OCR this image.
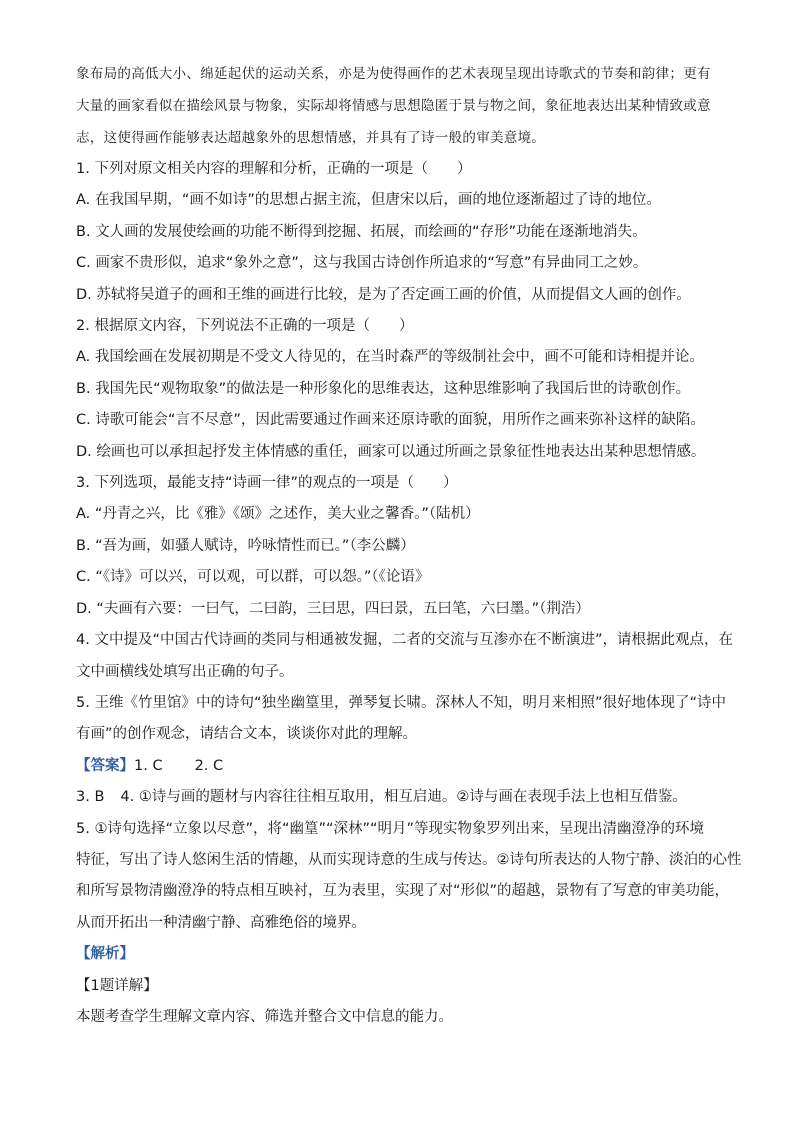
象布局的高低大小、绵延起伏的运动关系，亦是为使得画作的艺术表现呈现出诗歌式的节奏和韵律；更有

大量的画家看似在描绘风景与物象，实际却将情感与思想隐匿于景与物之间，象征地表达出某种情致或意

志，这使得画作能够表达超越象外的思想情感，并具有了诗一般的审美意境。

1. 下列对原文相关内容的理解和分析，正确的一项是（　　）

A. 在我国早期，“画不如诗”的思想占据主流，但唐宋以后，画的地位逐渐超过了诗的地位。

B. 文人画的发展使绘画的功能不断得到挖掘、拓展，而绘画的“存形”功能在逐渐地消失。

C. 画家不贵形似，追求“象外之意”，这与我国古诗创作所追求的“写意”有异曲同工之妙。

D. 苏轼将吴道子的画和王维的画进行比较，是为了否定画工画的价值，从而提倡文人画的创作。

2. 根据原文内容，下列说法不正确的一项是（　　）

A. 我国绘画在发展初期是不受文人待见的，在当时森严的等级制社会中，画不可能和诗相提并论。

B. 我国先民“观物取象”的做法是一种形象化的思维表达，这种思维影响了我国后世的诗歌创作。

C. 诗歌可能会“言不尽意”，因此需要通过作画来还原诗歌的面貌，用所作之画来弥补这样的缺陷。

D. 绘画也可以承担起抒发主体情感的重任，画家可以通过所画之景象征性地表达出某种思想情感。

3. 下列选项，最能支持“诗画一律”的观点的一项是（　　）

A. “丹青之兴，比《雅》《颂》之述作，美大业之馨香。”（陆机）

B. “吾为画，如骚人赋诗，吟咏情性而已。”（李公麟）

C. “《诗》可以兴，可以观，可以群，可以怨。”（《论语》

D. “夫画有六要：一曰气，二曰韵，三曰思，四曰景，五曰笔，六曰墨。”（荆浩）

4. 文中提及“中国古代诗画的类同与相通被发掘，二者的交流与互渗亦在不断演进”，请根据此观点，在

文中画横线处填写出正确的句子。

5. 王维《竹里馆》中的诗句“独坐幽篁里，弹琴复长啸。深林人不知，明月来相照”很好地体现了“诗中

有画”的创作观念，请结合文本，谈谈你对此的理解。

【答案】1. C 2. C

3. B 4. ①诗与画的题材与内容往往相互取用，相互启迪。②诗与画在表现手法上也相互借鉴。

5. ①诗句选择“立象以尽意”，将“幽篁”“深林”“明月”等现实物象罗列出来，呈现出清幽澄净的环境

特征，写出了诗人悠闲生活的情趣，从而实现诗意的生成与传达。②诗句所表达的人物宁静、淡泊的心性

和所写景物清幽澄净的特点相互映衬，互为表里，实现了对“形似”的超越，景物有了写意的审美功能，

从而开拓出一种清幽宁静、高雅绝俗的境界。

【解析】

【1题详解】

本题考查学生理解文章内容、筛选并整合文中信息的能力。
